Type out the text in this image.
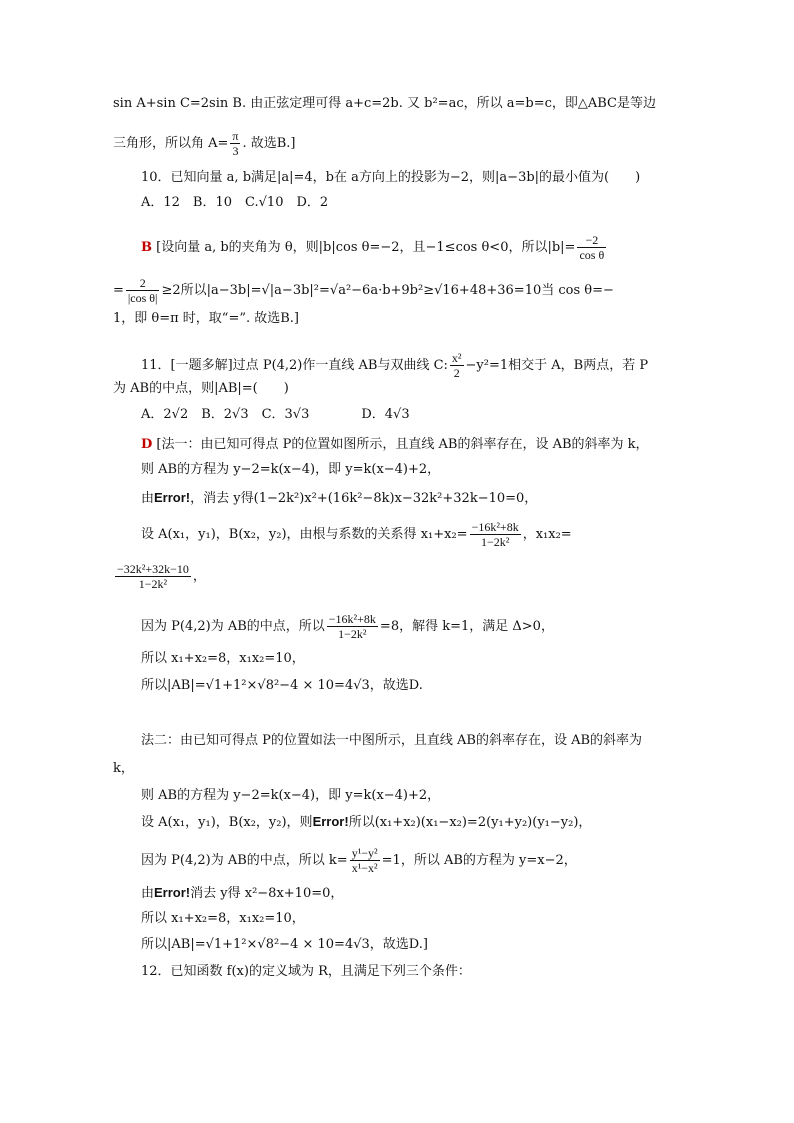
sin A+sin C=2sin B. 由正弦定理可得 a+c=2b. 又 b²=ac，所以 a=b=c，即△ABC是等边
三角形，所以角 $A= \frac{\pi}{3}$ . 故选B.]
10．已知向量 a, b满足|a|=4，b在 a方向上的投影为−2，则|a−3b|的最小值为(　　)
A．12　B．10　C.√10　D．2
B [设向量 a, b的夹角为 θ，则|b|cos θ=−2，且−1≤cos θ<0，所以$|b|= \frac{-2}{\text{cos θ}}$
= $\frac{2}{\text{|cos θ|}} \ge 2$所以|a−3b|=√|a−3b|²=√a²−6a·b+9b²≥√16+48+36=10当 cos θ=−
1，即 θ=π 时，取“=”. 故选B.]
11．[一题多解]过点 P(4,2)作一直线 AB与双曲线 C: $\frac{\text{x²}}{2} -y^2=1$相交于 A，B两点，若 P
为 AB的中点，则|AB|=(　　)
A．2√2　B．2√3　C．3√3　　　　D．4√3
D [法一：由已知可得点 P的位置如图所示，且直线 AB的斜率存在，设 AB的斜率为 k，
则 AB的方程为 y−2=k(x−4)，即 y=k(x−4)+2，
由Error!，消去 y得(1−2k²)x²+(16k²−8k)x−32k²+32k−10=0，
设 A(x₁，y₁)，B(x₂，y₂)，由根与系数的关系得 $x_1+x_2= \frac{\text{−16k²+8k}}{\text{1−2k²}}$ ，x₁x₂=
$\frac{\text{−32k²+32k−10}}{\text{1−2k²}}$ ，
因为 P(4,2)为 AB的中点，所以 $\frac{\text{−16k²+8k}}{\text{1−2k²}} =8$，解得 k=1，满足 Δ>0，
所以 x₁+x₂=8，x₁x₂=10，
所以|AB|=√1+1²×√8²−4 × 10=4√3，故选D.
法二：由已知可得点 P的位置如法一中图所示，且直线 AB的斜率存在，设 AB的斜率为
k，
则 AB的方程为 y−2=k(x−4)，即 y=k(x−4)+2，
设 A(x₁，y₁)，B(x₂，y₂)，则Error!所以(x₁+x₂)(x₁−x₂)=2(y₁+y₂)(y₁−y₂)，
因为 P(4,2)为 AB的中点，所以 $k= \frac{\text{y¹−y²}}{\text{x¹−x²}} =1$，所以 AB的方程为 y=x−2，
由Error!消去 y得 x²−8x+10=0，
所以 x₁+x₂=8，x₁x₂=10，
所以|AB|=√1+1²×√8²−4 × 10=4√3，故选D.]
12．已知函数 f(x)的定义域为 R，且满足下列三个条件：
